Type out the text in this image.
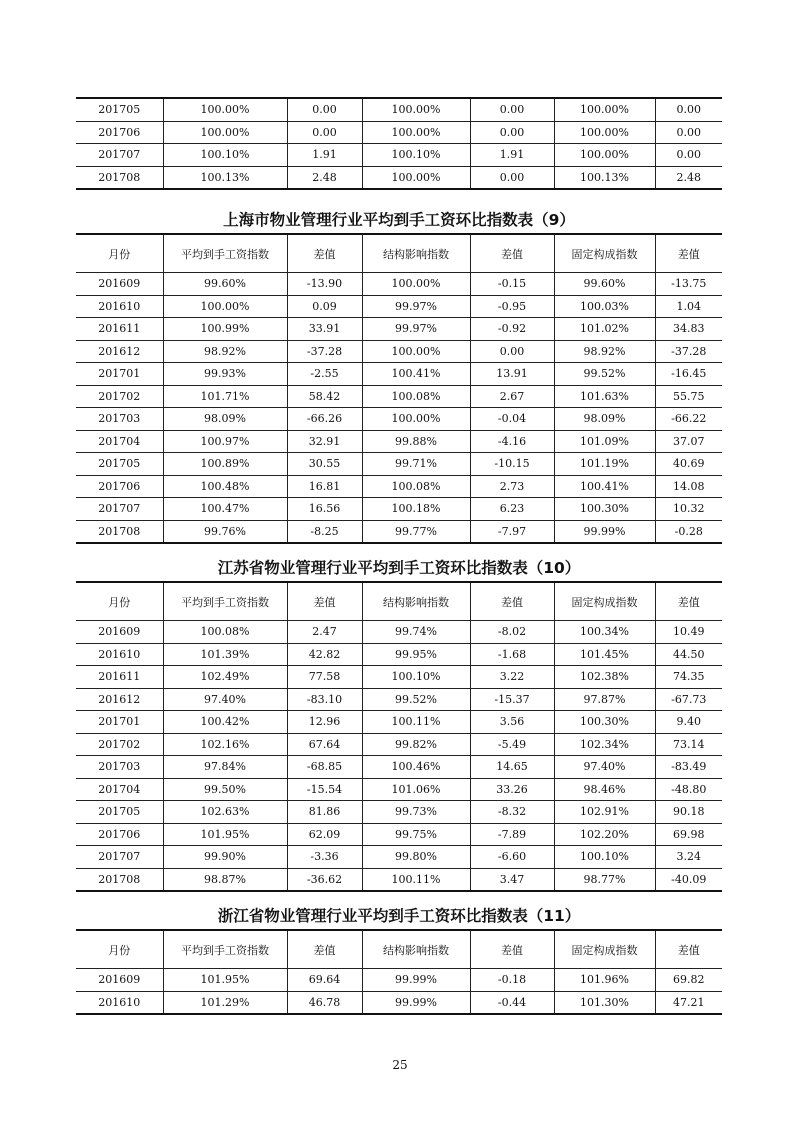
201705	100.00%	0.00	100.00%	0.00	100.00%	0.00
201706	100.00%	0.00	100.00%	0.00	100.00%	0.00
201707	100.10%	1.91	100.10%	1.91	100.00%	0.00
201708	100.13%	2.48	100.00%	0.00	100.13%	2.48
上海市物业管理行业平均到手工资环比指数表（9）
月份	平均到手工资指数	差值	结构影响指数	差值	固定构成指数	差值
201609	99.60%	-13.90	100.00%	-0.15	99.60%	-13.75
201610	100.00%	0.09	99.97%	-0.95	100.03%	1.04
201611	100.99%	33.91	99.97%	-0.92	101.02%	34.83
201612	98.92%	-37.28	100.00%	0.00	98.92%	-37.28
201701	99.93%	-2.55	100.41%	13.91	99.52%	-16.45
201702	101.71%	58.42	100.08%	2.67	101.63%	55.75
201703	98.09%	-66.26	100.00%	-0.04	98.09%	-66.22
201704	100.97%	32.91	99.88%	-4.16	101.09%	37.07
201705	100.89%	30.55	99.71%	-10.15	101.19%	40.69
201706	100.48%	16.81	100.08%	2.73	100.41%	14.08
201707	100.47%	16.56	100.18%	6.23	100.30%	10.32
201708	99.76%	-8.25	99.77%	-7.97	99.99%	-0.28
江苏省物业管理行业平均到手工资环比指数表（10）
月份	平均到手工资指数	差值	结构影响指数	差值	固定构成指数	差值
201609	100.08%	2.47	99.74%	-8.02	100.34%	10.49
201610	101.39%	42.82	99.95%	-1.68	101.45%	44.50
201611	102.49%	77.58	100.10%	3.22	102.38%	74.35
201612	97.40%	-83.10	99.52%	-15.37	97.87%	-67.73
201701	100.42%	12.96	100.11%	3.56	100.30%	9.40
201702	102.16%	67.64	99.82%	-5.49	102.34%	73.14
201703	97.84%	-68.85	100.46%	14.65	97.40%	-83.49
201704	99.50%	-15.54	101.06%	33.26	98.46%	-48.80
201705	102.63%	81.86	99.73%	-8.32	102.91%	90.18
201706	101.95%	62.09	99.75%	-7.89	102.20%	69.98
201707	99.90%	-3.36	99.80%	-6.60	100.10%	3.24
201708	98.87%	-36.62	100.11%	3.47	98.77%	-40.09
浙江省物业管理行业平均到手工资环比指数表（11）
月份	平均到手工资指数	差值	结构影响指数	差值	固定构成指数	差值
201609	101.95%	69.64	99.99%	-0.18	101.96%	69.82
201610	101.29%	46.78	99.99%	-0.44	101.30%	47.21
25
